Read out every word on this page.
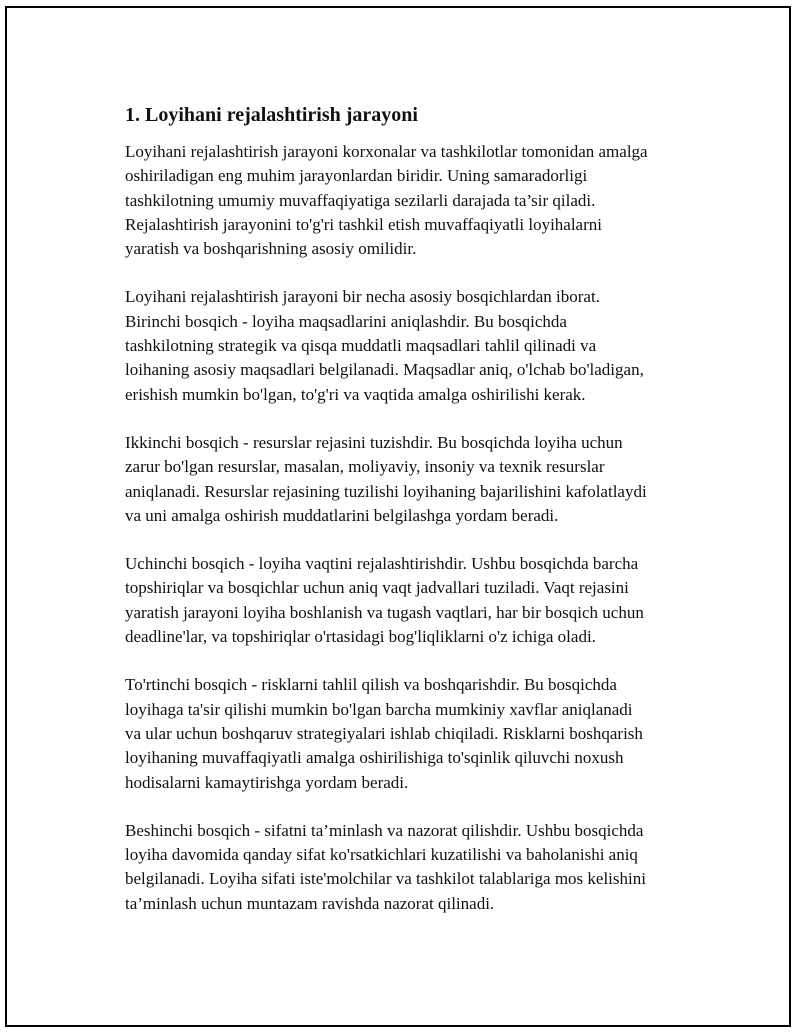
1. Loyihani rejalashtirish jarayoni

Loyihani rejalashtirish jarayoni korxonalar va tashkilotlar tomonidan amalga
oshiriladigan eng muhim jarayonlardan biridir. Uning samaradorligi
tashkilotning umumiy muvaffaqiyatiga sezilarli darajada ta’sir qiladi.
Rejalashtirish jarayonini to'g'ri tashkil etish muvaffaqiyatli loyihalarni
yaratish va boshqarishning asosiy omilidir.

Loyihani rejalashtirish jarayoni bir necha asosiy bosqichlardan iborat.
Birinchi bosqich - loyiha maqsadlarini aniqlashdir. Bu bosqichda
tashkilotning strategik va qisqa muddatli maqsadlari tahlil qilinadi va
loihaning asosiy maqsadlari belgilanadi. Maqsadlar aniq, o'lchab bo'ladigan,
erishish mumkin bo'lgan, to'g'ri va vaqtida amalga oshirilishi kerak.

Ikkinchi bosqich - resurslar rejasini tuzishdir. Bu bosqichda loyiha uchun
zarur bo'lgan resurslar, masalan, moliyaviy, insoniy va texnik resurslar
aniqlanadi. Resurslar rejasining tuzilishi loyihaning bajarilishini kafolatlaydi
va uni amalga oshirish muddatlarini belgilashga yordam beradi.

Uchinchi bosqich - loyiha vaqtini rejalashtirishdir. Ushbu bosqichda barcha
topshiriqlar va bosqichlar uchun aniq vaqt jadvallari tuziladi. Vaqt rejasini
yaratish jarayoni loyiha boshlanish va tugash vaqtlari, har bir bosqich uchun
deadline'lar, va topshiriqlar o'rtasidagi bog'liqliklarni o'z ichiga oladi.

To'rtinchi bosqich - risklarni tahlil qilish va boshqarishdir. Bu bosqichda
loyihaga ta'sir qilishi mumkin bo'lgan barcha mumkiniy xavflar aniqlanadi
va ular uchun boshqaruv strategiyalari ishlab chiqiladi. Risklarni boshqarish
loyihaning muvaffaqiyatli amalga oshirilishiga to'sqinlik qiluvchi noxush
hodisalarni kamaytirishga yordam beradi.

Beshinchi bosqich - sifatni ta’minlash va nazorat qilishdir. Ushbu bosqichda
loyiha davomida qanday sifat ko'rsatkichlari kuzatilishi va baholanishi aniq
belgilanadi. Loyiha sifati iste'molchilar va tashkilot talablariga mos kelishini
ta’minlash uchun muntazam ravishda nazorat qilinadi.
